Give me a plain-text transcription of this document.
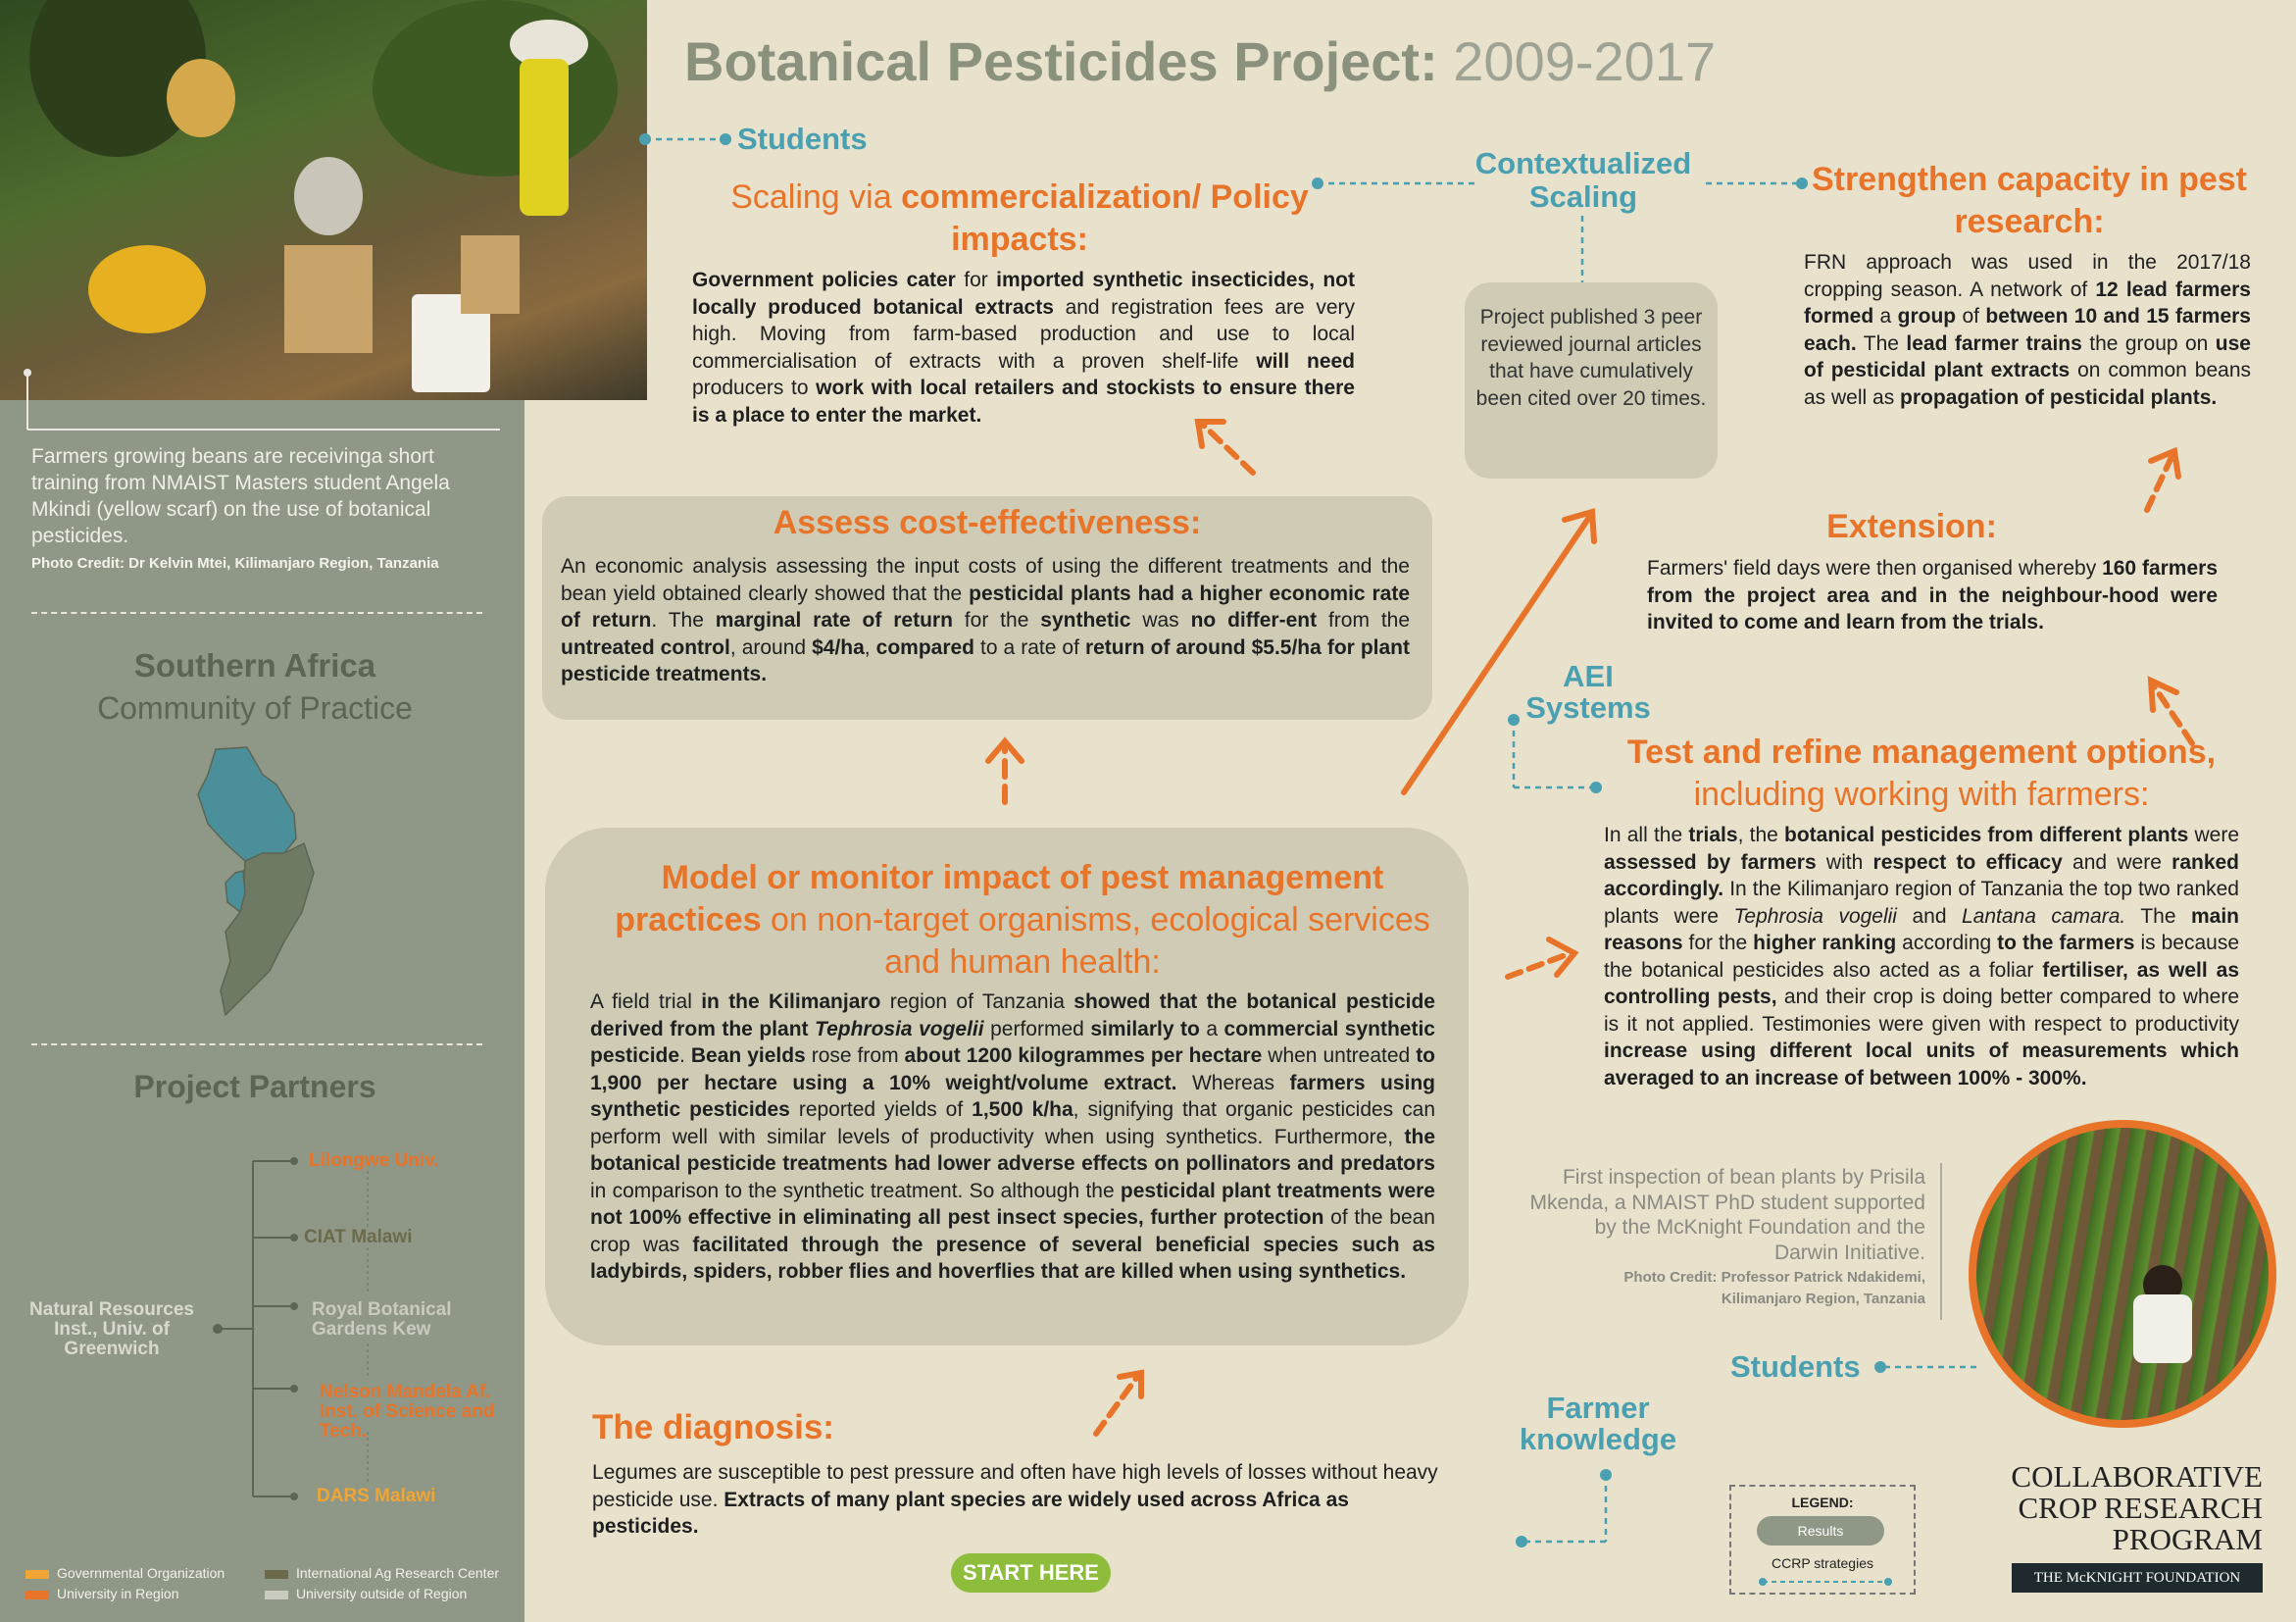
Farmers growing beans are receivinga short training from NMAIST Masters student Angela Mkindi (yellow scarf) on the use of botanical pesticides.
Photo Credit: Dr Kelvin Mtei, Kilimanjaro Region, Tanzania
Southern Africa
Community of Practice
Project Partners
Natural Resources Inst., Univ. of Greenwich
Lilongwe Univ.
CIAT Malawi
Royal Botanical Gardens Kew
Nelson Mandela Af. Inst. of Science and Tech.
DARS Malawi
Governmental Organization	International Ag Research Center
University in Region	University outside of Region
Botanical Pesticides Project: 2009-2017
Students
Contextualized Scaling
AEI Systems
Students
Farmer knowledge
Scaling via commercialization/ Policy impacts:
Government policies cater for imported synthetic insecticides, not locally produced botanical extracts and registration fees are very high. Moving from farm-based production and use to local commercialisation of extracts with a proven shelf-life will need producers to work with local retailers and stockists to ensure there is a place to enter the market.
Project published 3 peer reviewed journal articles that have cumulatively been cited over 20 times.
Strengthen capacity in pest research:
FRN approach was used in the 2017/18 cropping season. A network of 12 lead farmers formed a group of between 10 and 15 farmers each. The lead farmer trains the group on use of pesticidal plant extracts on common beans as well as propagation of pesticidal plants.
Assess cost-effectiveness:
An economic analysis assessing the input costs of using the different treatments and the bean yield obtained clearly showed that the pesticidal plants had a higher economic rate of return. The marginal rate of return for the synthetic was no differ-ent from the untreated control, around $4/ha, compared to a rate of return of around $5.5/ha for plant pesticide treatments.
Extension:
Farmers' field days were then organised whereby 160 farmers from the project area and in the neighbour-hood were invited to come and learn from the trials.
Model or monitor impact of pest management practices on non-target organisms, ecological services and human health:
A field trial in the Kilimanjaro region of Tanzania showed that the botanical pesticide derived from the plant Tephrosia vogelii performed similarly to a commercial synthetic pesticide. Bean yields rose from about 1200 kilogrammes per hectare when untreated to 1,900 per hectare using a 10% weight/volume extract. Whereas farmers using synthetic pesticides reported yields of 1,500 k/ha, signifying that organic pesticides can perform well with similar levels of productivity when using synthetics. Furthermore, the botanical pesticide treatments had lower adverse effects on pollinators and predators in comparison to the synthetic treatment. So although the pesticidal plant treatments were not 100% effective in eliminating all pest insect species, further protection of the bean crop was facilitated through the presence of several beneficial species such as ladybirds, spiders, robber flies and hoverflies that are killed when using synthetics.
Test and refine management options, including working with farmers:
In all the trials, the botanical pesticides from different plants were assessed by farmers with respect to efficacy and were ranked accordingly. In the Kilimanjaro region of Tanzania the top two ranked plants were Tephrosia vogelii and Lantana camara. The main reasons for the higher ranking according to the farmers is because the botanical pesticides also acted as a foliar fertiliser, as well as controlling pests, and their crop is doing better compared to where is it not applied. Testimonies were given with respect to productivity increase using different local units of measurements which averaged to an increase of between 100% - 300%.
First inspection of bean plants by Prisila Mkenda, a NMAIST PhD student supported by the McKnight Foundation and the Darwin Initiative.
Photo Credit: Professor Patrick Ndakidemi, Kilimanjaro Region, Tanzania
The diagnosis:
Legumes are susceptible to pest pressure and often have high levels of losses without heavy pesticide use. Extracts of many plant species are widely used across Africa as pesticides.
START HERE
LEGEND:
Results
CCRP strategies
COLLABORATIVE
CROP RESEARCH
PROGRAM
THE McKNIGHT FOUNDATION
